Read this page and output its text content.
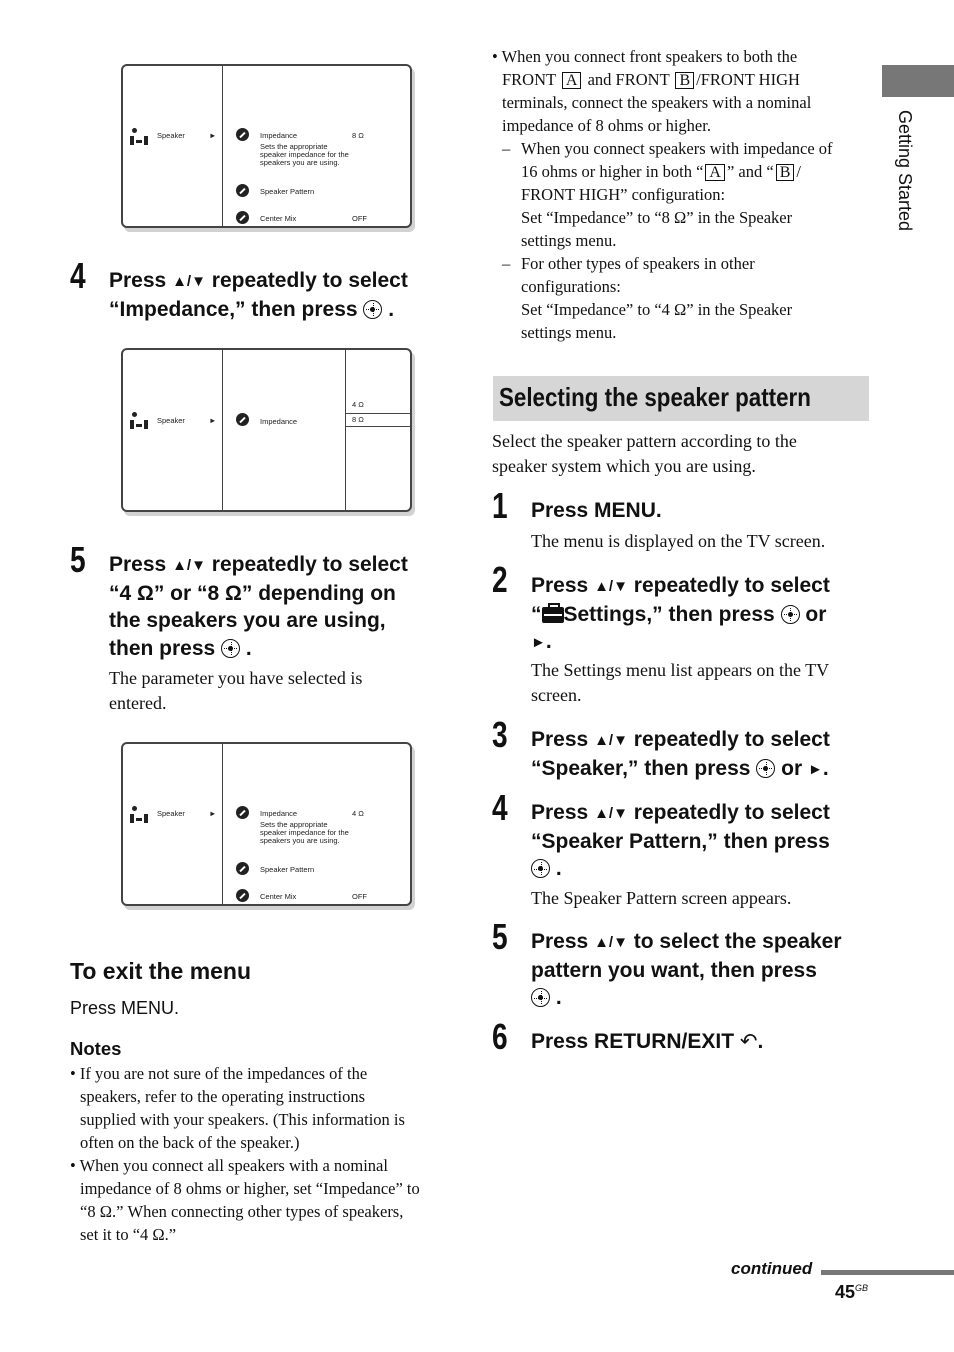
Getting Started
Speaker	►	Impedance	8 Ω
Sets the appropriate
speaker impedance for the
speakers you are using.
Speaker Pattern
Center Mix	OFF
4 Press ▲/▼ repeatedly to select
“Impedance,” then press
.
Speaker	►	Impedance
4 Ω
8 Ω
5 Press ▲/▼ repeatedly to select
“4 Ω” or “8 Ω” depending on
the speakers you are using,
then press
.
The parameter you have selected is
entered.
Speaker	►	Impedance	4 Ω
Sets the appropriate
speaker impedance for the
speakers you are using.
Speaker Pattern
Center Mix	OFF
To exit the menu
Press MENU.
Notes
• If you are not sure of the impedances of the
speakers, refer to the operating instructions
supplied with your speakers. (This information is
often on the back of the speaker.)
• When you connect all speakers with a nominal
impedance of 8 ohms or higher, set “Impedance” to
“8 Ω.” When connecting other types of speakers,
set it to “4 Ω.”
• When you connect front speakers to both the
FRONT A and FRONT B /FRONT HIGH
terminals, connect the speakers with a nominal
impedance of 8 ohms or higher.
– When you connect speakers with impedance of
16 ohms or higher in both “ A ” and “ B /
FRONT HIGH” configuration:
Set “Impedance” to “8 Ω” in the Speaker
settings menu.
– For other types of speakers in other
configurations:
Set “Impedance” to “4 Ω” in the Speaker
settings menu.
Selecting the speaker pattern
Select the speaker pattern according to the
speaker system which you are using.
1 Press MENU.
The menu is displayed on the TV screen.
2 Press ▲/▼ repeatedly to select
“ Settings,” then press
or
►.
The Settings menu list appears on the TV
screen.
3 Press ▲/▼ repeatedly to select
“Speaker,” then press
or ►.
4 Press ▲/▼ repeatedly to select
“Speaker Pattern,” then press
.
The Speaker Pattern screen appears.
5 Press ▲/▼ to select the speaker
pattern you want, then press
.
6 Press RETURN/EXIT ↶.
continued
$45^{GB}$
